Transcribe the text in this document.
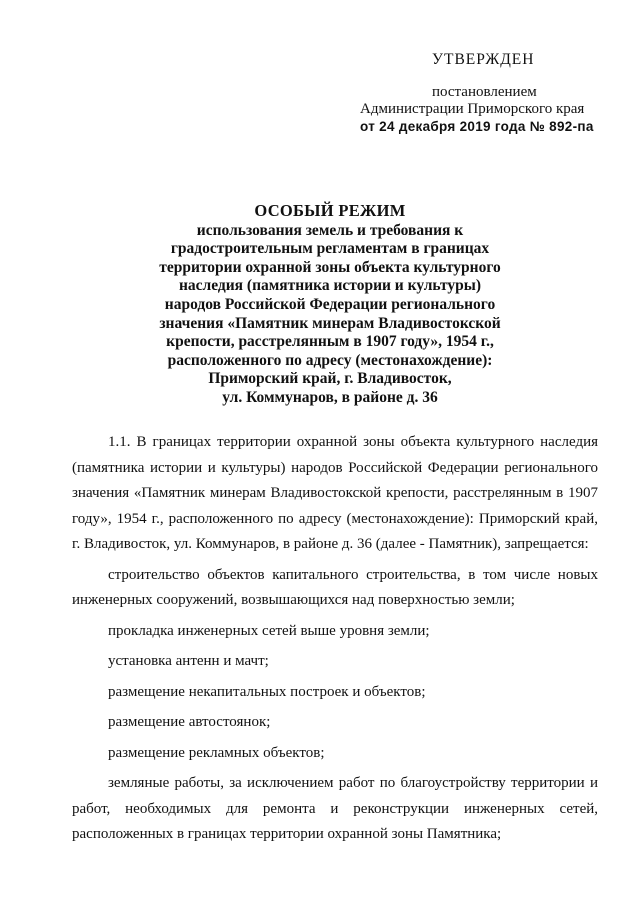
УТВЕРЖДЕН
постановлением
Администрации Приморского края
от 24 декабря 2019 года № 892-па
ОСОБЫЙ РЕЖИМ
использования земель и требования к
градостроительным регламентам в границах
территории охранной зоны объекта культурного
наследия (памятника истории и культуры)
народов Российской Федерации регионального
значения «Памятник минерам Владивостокской
крепости, расстрелянным в 1907 году», 1954 г.,
расположенного по адресу (местонахождение):
Приморский край, г. Владивосток,
ул. Коммунаров, в районе д. 36

1.1. В границах территории охранной зоны объекта культурного наследия (памятника истории и культуры) народов Российской Федерации регионального значения «Памятник минерам Владивостокской крепости, расстрелянным в 1907 году», 1954 г., расположенного по адресу (местонахождение): Приморский край, г. Владивосток, ул. Коммунаров, в районе д. 36 (далее - Памятник), запрещается:

строительство объектов капитального строительства, в том числе новых инженерных сооружений, возвышающихся над поверхностью земли;

прокладка инженерных сетей выше уровня земли;

установка антенн и мачт;

размещение некапитальных построек и объектов;

размещение автостоянок;

размещение рекламных объектов;

земляные работы, за исключением работ по благоустройству территории и работ, необходимых для ремонта и реконструкции инженерных сетей, расположенных в границах территории охранной зоны Памятника;
